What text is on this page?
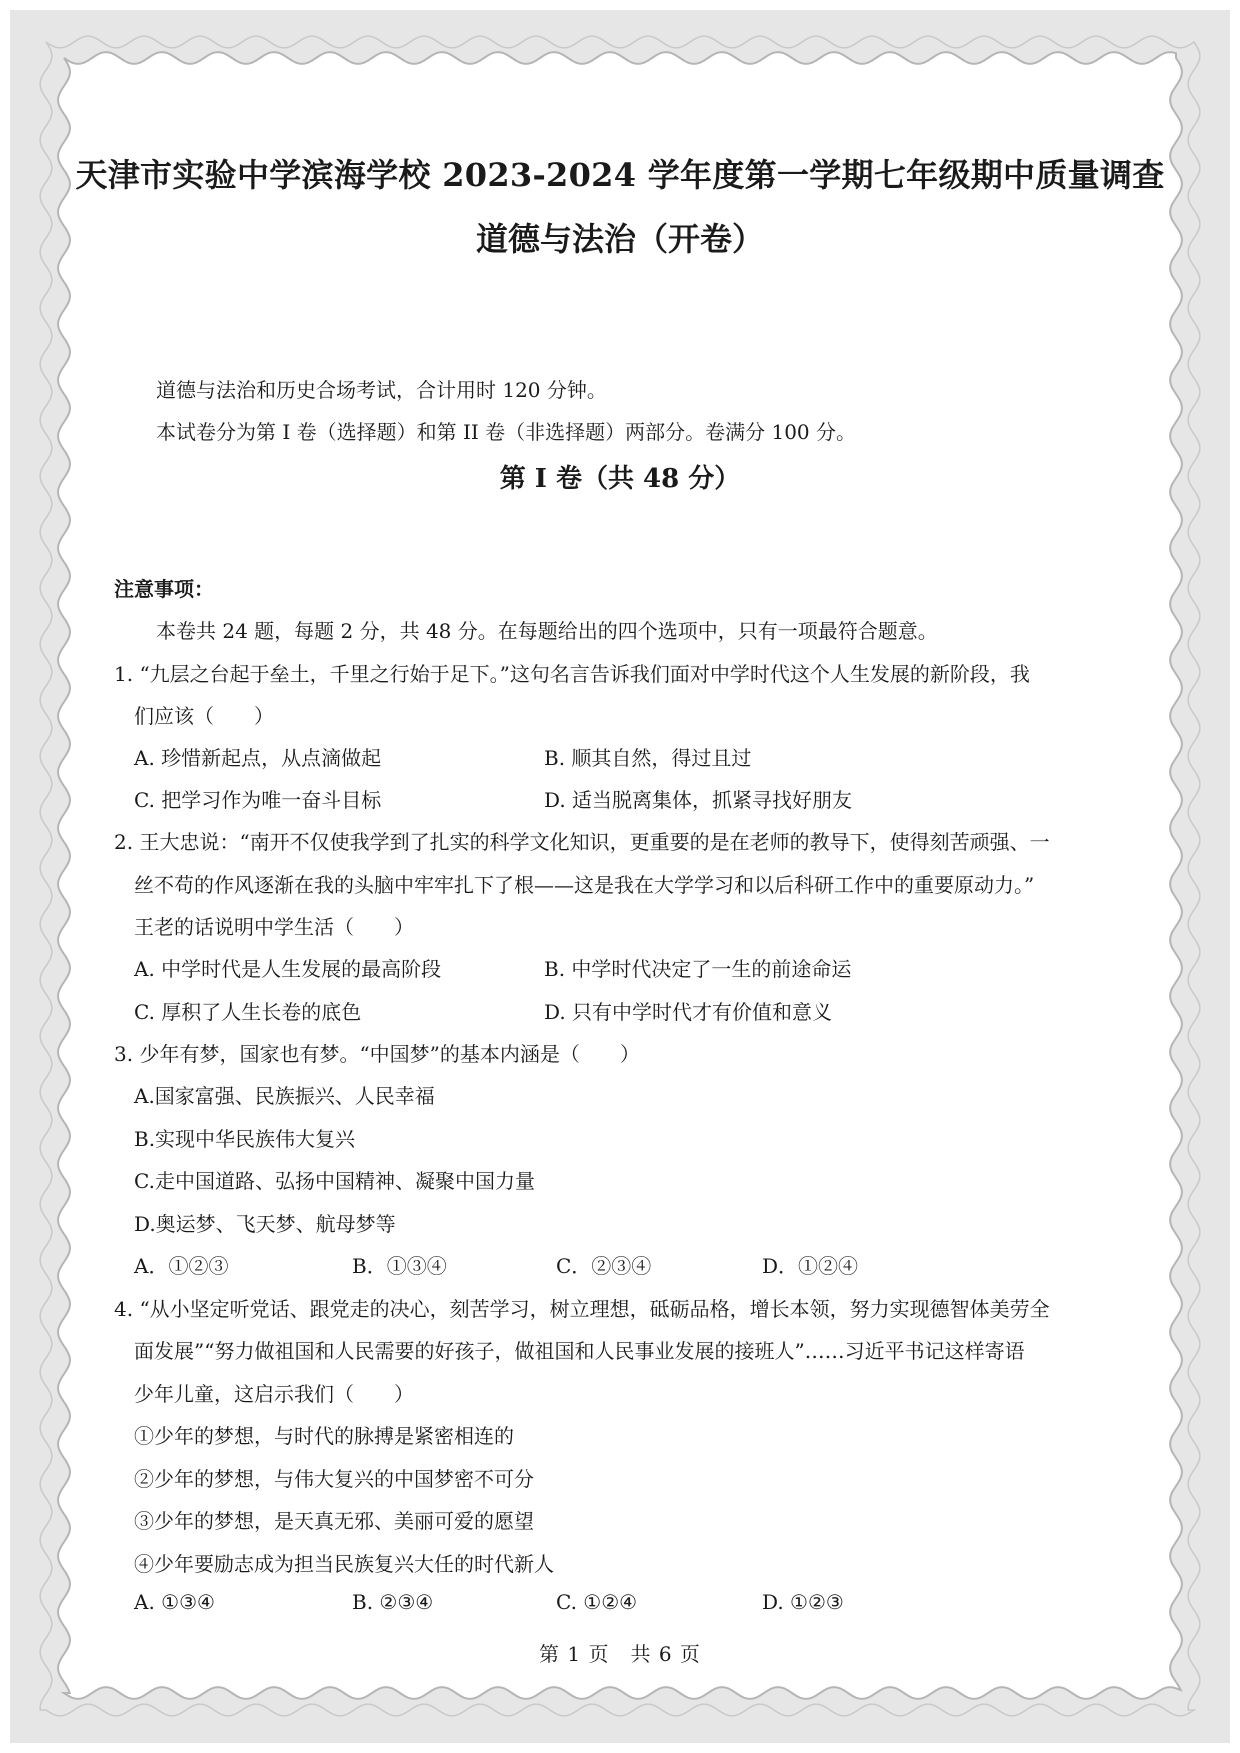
天津市实验中学滨海学校 2023-2024 学年度第一学期七年级期中质量调查
道德与法治（开卷）
道德与法治和历史合场考试，合计用时 120 分钟。
本试卷分为第 I 卷（选择题）和第 II 卷（非选择题）两部分。卷满分 100 分。
第 I 卷（共 48 分）
注意事项：
本卷共 24 题，每题 2 分，共 48 分。在每题给出的四个选项中，只有一项最符合题意。
1. “九层之台起于垒土，千里之行始于足下。”这句名言告诉我们面对中学时代这个人生发展的新阶段，我
们应该（　　）
A. 珍惜新起点，从点滴做起	B. 顺其自然，得过且过
C. 把学习作为唯一奋斗目标	D. 适当脱离集体，抓紧寻找好朋友
2. 王大忠说：“南开不仅使我学到了扎实的科学文化知识，更重要的是在老师的教导下，使得刻苦顽强、一
丝不苟的作风逐渐在我的头脑中牢牢扎下了根——这是我在大学学习和以后科研工作中的重要原动力。”
王老的话说明中学生活（　　）
A. 中学时代是人生发展的最高阶段	B. 中学时代决定了一生的前途命运
C. 厚积了人生长卷的底色	D. 只有中学时代才有价值和意义
3. 少年有梦，国家也有梦。“中国梦”的基本内涵是（　　）
A.国家富强、民族振兴、人民幸福
B.实现中华民族伟大复兴
C.走中国道路、弘扬中国精神、凝聚中国力量
D.奥运梦、飞天梦、航母梦等
A．①②③	B．①③④	C．②③④	D．①②④
4. “从小坚定听党话、跟党走的决心，刻苦学习，树立理想，砥砺品格，增长本领，努力实现德智体美劳全
面发展”“努力做祖国和人民需要的好孩子，做祖国和人民事业发展的接班人”……习近平书记这样寄语
少年儿童，这启示我们（　　）
①少年的梦想，与时代的脉搏是紧密相连的
②少年的梦想，与伟大复兴的中国梦密不可分
③少年的梦想，是天真无邪、美丽可爱的愿望
④少年要励志成为担当民族复兴大任的时代新人
A. ①③④	B. ②③④	C. ①②④	D. ①②③
第 1 页　共 6 页
